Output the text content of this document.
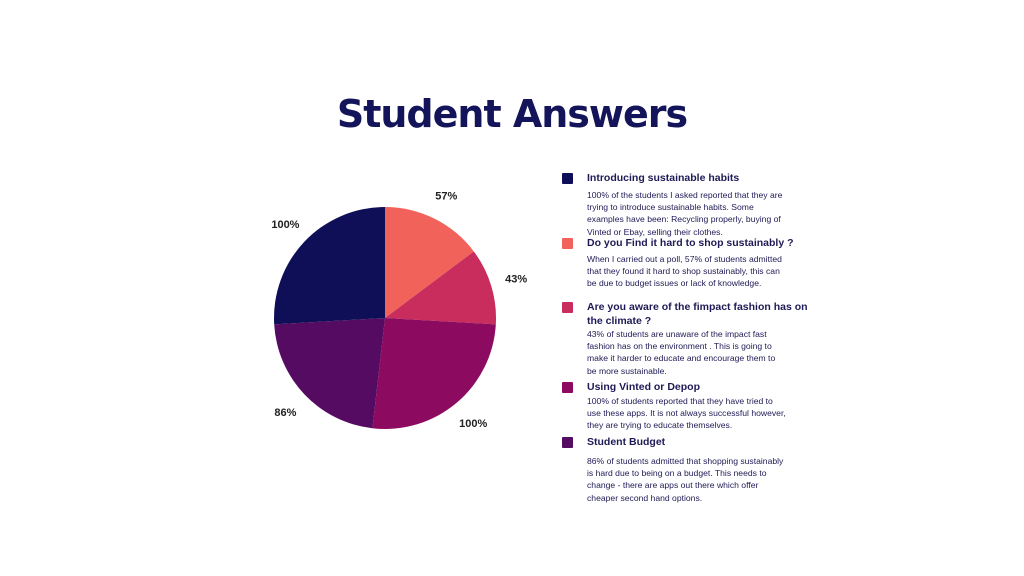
Student Answers
57%
43%
100%
86%
100%
Introducing sustainable habits
100% of the students I asked reported that they are trying to introduce sustainable habits. Some examples have been: Recycling properly, buying of Vinted or Ebay, selling their clothes.
Do you Find it hard to shop sustainably ?
When I carried out a poll, 57% of students admitted that they found it hard to shop sustainably, this can be due to budget issues or lack of knowledge.
Are you aware of the fimpact fashion has on the climate ?
43% of students are unaware of the impact fast fashion has on the environment . This is going to make it harder to educate and encourage them to be more sustainable.
Using Vinted or Depop
100% of students reported that they have tried to use these apps. It is not always successful however, they are trying to educate themselves.
Student Budget
86% of students admitted that shopping sustainably is hard due to being on a budget. This needs to change - there are apps out there which offer cheaper second hand options.
